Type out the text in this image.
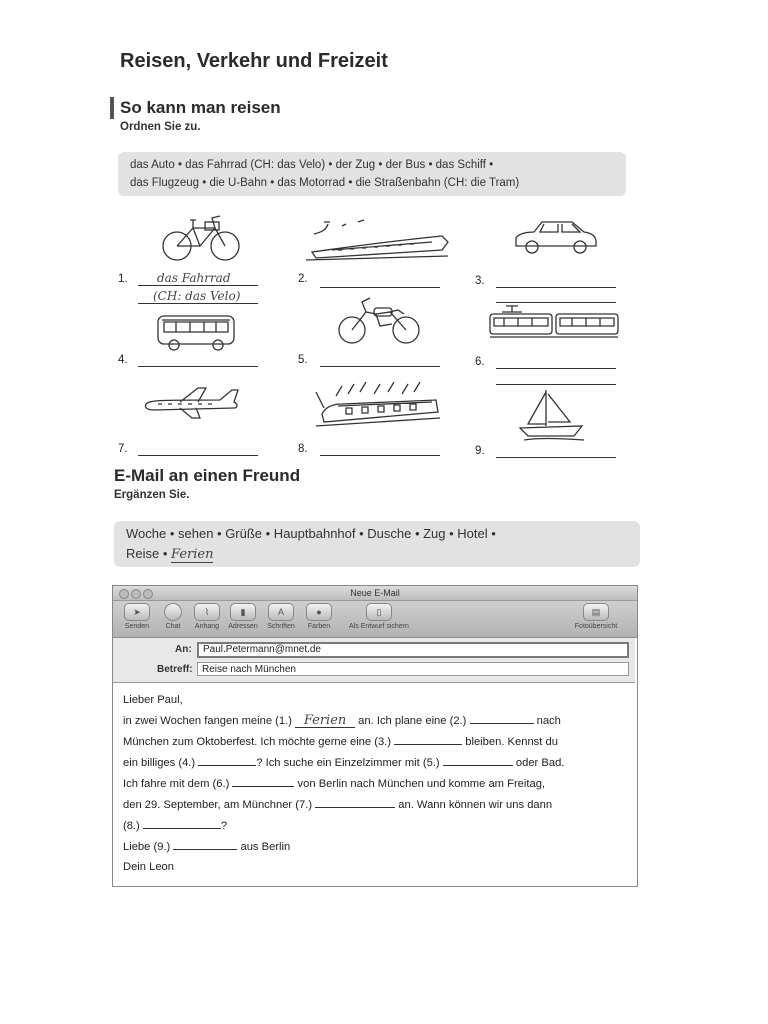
Reisen, Verkehr und Freizeit
So kann man reisen
Ordnen Sie zu.
das Auto • das Fahrrad (CH: das Velo) • der Zug • der Bus • das Schiff •
das Flugzeug • die U-Bahn • das Motorrad • die Straßenbahn (CH: die Tram)
1. das Fahrrad
(CH: das Velo)
2.	3.
4.	5.	6.
7.	8.	9.
E-Mail an einen Freund
Ergänzen Sie.
Woche • sehen • Grüße • Hauptbahnhof • Dusche • Zug • Hotel •
Reise • Ferien
Neue E-Mail
➤
Senden	Chat
⌇
Anhang
▮
Adressen
A
Schriften
●
Farben
▯
Als Entwurf sichern
▤
Fotoübersicht
An:	Paul.Petermann@mnet.de
Betreff: Reise nach München
Lieber Paul,
in zwei Wochen fangen meine (1.) Ferien an. Ich plane eine (2.)	nach
München zum Oktoberfest. Ich möchte gerne eine (3.)	bleiben. Kennst du
ein billiges (4.)	? Ich suche ein Einzelzimmer mit (5.)	oder Bad.
Ich fahre mit dem (6.)	von Berlin nach München und komme am Freitag,
den 29. September, am Münchner (7.)	an. Wann können wir uns dann
(8.)	?
Liebe (9.)	aus Berlin
Dein Leon
